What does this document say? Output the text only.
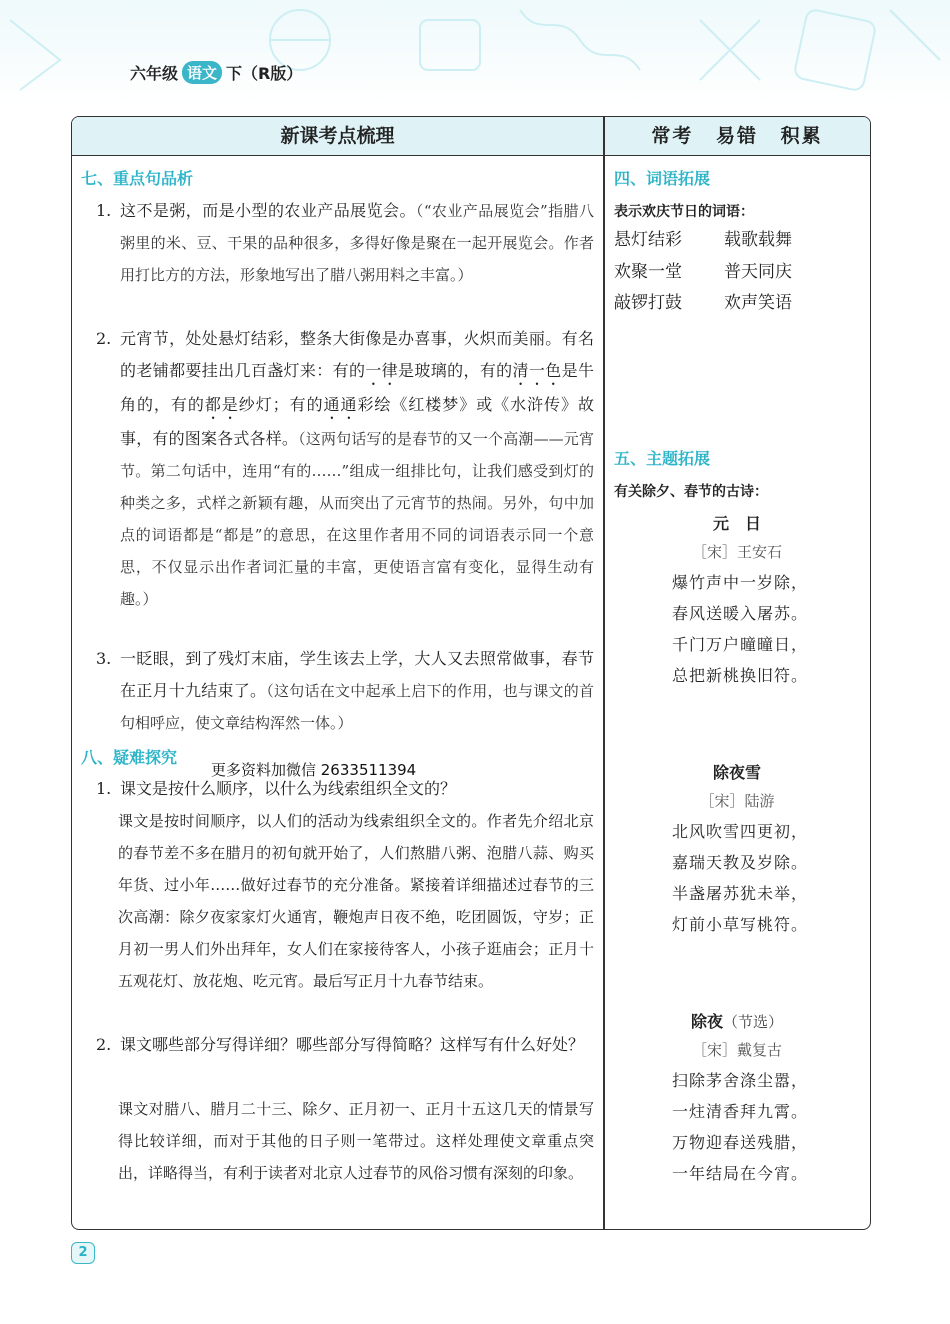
六年级 语文 下（R版）
新课考点梳理	常考 易错 积累
七、重点句品析
1. 这不是粥，而是小型的农业产品展览会。（“农业产品展览会”指腊八粥里的米、豆、干果的品种很多，多得好像是聚在一起开展览会。作者用打比方的方法，形象地写出了腊八粥用料之丰富。）
2. 元宵节，处处悬灯结彩，整条大街像是办喜事，火炽而美丽。有名的老铺都要挂出几百盏灯来：有的一律是玻璃的，有的清一色是牛角的，有的都是纱灯；有的通通彩绘《红楼梦》或《水浒传》故事，有的图案各式各样。（这两句话写的是春节的又一个高潮——元宵节。第二句话中，连用“有的……”组成一组排比句，让我们感受到灯的种类之多，式样之新颖有趣，从而突出了元宵节的热闹。另外，句中加点的词语都是“都是”的意思，在这里作者用不同的词语表示同一个意思，不仅显示出作者词汇量的丰富，更使语言富有变化，显得生动有趣。）
3. 一眨眼，到了残灯末庙，学生该去上学，大人又去照常做事，春节在正月十九结束了。（这句话在文中起承上启下的作用，也与课文的首句相呼应，使文章结构浑然一体。）
八、疑难探究
更多资料加微信 2633511394
1. 课文是按什么顺序，以什么为线索组织全文的？
课文是按时间顺序，以人们的活动为线索组织全文的。作者先介绍北京的春节差不多在腊月的初旬就开始了，人们熬腊八粥、泡腊八蒜、购买年货、过小年……做好过春节的充分准备。紧接着详细描述过春节的三次高潮：除夕夜家家灯火通宵，鞭炮声日夜不绝，吃团圆饭，守岁；正月初一男人们外出拜年，女人们在家接待客人，小孩子逛庙会；正月十五观花灯、放花炮、吃元宵。最后写正月十九春节结束。
2. 课文哪些部分写得详细？哪些部分写得简略？这样写有什么好处？
课文对腊八、腊月二十三、除夕、正月初一、正月十五这几天的情景写得比较详细，而对于其他的日子则一笔带过。这样处理使文章重点突出，详略得当，有利于读者对北京人过春节的风俗习惯有深刻的印象。
四、词语拓展
表示欢庆节日的词语：
悬灯结彩 载歌载舞
欢聚一堂 普天同庆
敲锣打鼓 欢声笑语
五、主题拓展
有关除夕、春节的古诗：
元　日
［宋］王安石
爆竹声中一岁除，
春风送暖入屠苏。
千门万户曈曈日，
总把新桃换旧符。
除夜雪
［宋］陆游
北风吹雪四更初，
嘉瑞天教及岁除。
半盏屠苏犹未举，
灯前小草写桃符。
除夜（节选）
［宋］戴复古
扫除茅舍涤尘嚣，
一炷清香拜九霄。
万物迎春送残腊，
一年结局在今宵。
2
